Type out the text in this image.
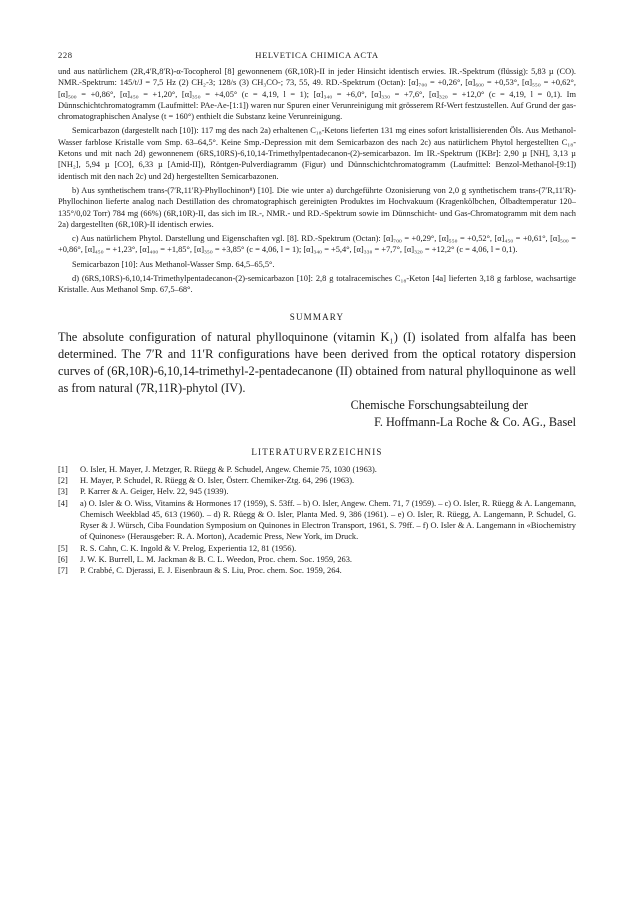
228	HELVETICA CHIMICA ACTA

und aus natürlichem (2R,4′R,8′R)-α-Tocopherol [8] gewonnenem (6R,10R)-II in jeder Hinsicht identisch erwies. IR.-Spektrum (flüssig): 5,83 µ (CO). NMR.-Spektrum: 145/t/J = 7,5 Hz (2) CH₂-3; 128/s (3) CH₃CO-; 73, 55, 49. RD.-Spektrum (Octan): [α]₇₀₀ = +0,26°, [α]₆₀₀ = +0,53°, [α]₅₅₀ = +0,62°, [α]₅₀₀ = +0,86°, [α]₄₅₀ = +1,20°, [α]₃₅₀ = +4,05° (c = 4,19, l = 1); [α]₃₄₀ = +6,0°, [α]₃₃₀ = +7,6°, [α]₃₂₀ = +12,0° (c = 4,19, l = 0,1). Im Dünnschichtchromatogramm (Laufmittel: PAe-Ae-[1:1]) waren nur Spuren einer Verunreinigung mit grösserem Rf-Wert festzustellen. Auf Grund der gas-chromatographischen Analyse (t = 160°) enthielt die Substanz keine Verunreinigung.

Semicarbazon (dargestellt nach [10]): 117 mg des nach 2a) erhaltenen C₁₈-Ketons lieferten 131 mg eines sofort kristallisierenden Öls. Aus Methanol-Wasser farblose Kristalle vom Smp. 63–64,5°. Keine Smp.-Depression mit dem Semicarbazon des nach 2c) aus natürlichem Phytol hergestellten C₁₈-Ketons und mit nach 2d) gewonnenem (6RS,10RS)-6,10,14-Trimethylpentadecanon-(2)-semicarbazon. Im IR.-Spektrum ([KBr]: 2,90 µ [NH], 3,13 µ [NH₂], 5,94 µ [CO], 6,33 µ [Amid-II]), Röntgen-Pulverdiagramm (Figur) und Dünnschichtchromatogramm (Laufmittel: Benzol-Methanol-[9:1]) identisch mit den nach 2c) und 2d) hergestellten Semicarbazonen.

b) Aus synthetischem trans-(7′R,11′R)-Phyllochinon⁸) [10]. Die wie unter a) durchgeführte Ozonisierung von 2,0 g synthetischem trans-(7′R,11′R)-Phyllochinon lieferte analog nach Destillation des chromatographisch gereinigten Produktes im Hochvakuum (Kragenkölbchen, Ölbadtemperatur 120–135°/0,02 Torr) 784 mg (66%) (6R,10R)-II, das sich im IR.-, NMR.- und RD.-Spektrum sowie im Dünnschicht- und Gas-Chromatogramm mit dem nach 2a) dargestellten (6R,10R)-II identisch erwies.

c) Aus natürlichem Phytol. Darstellung und Eigenschaften vgl. [8]. RD.-Spektrum (Octan): [α]₇₀₀ = +0,29°, [α]₅₅₀ = +0,52°, [α]₄₅₀ = +0,61°, [α]₅₀₀ = +0,86°, [α]₄₅₀ = +1,23°, [α]₄₀₀ = +1,85°, [α]₃₅₀ = +3,85° (c = 4,06, l = 1); [α]₃₄₀ = +5,4°, [α]₃₃₀ = +7,7°, [α]₃₂₀ = +12,2° (c = 4,06, l = 0,1).

Semicarbazon [10]: Aus Methanol-Wasser Smp. 64,5–65,5°.

d) (6RS,10RS)-6,10,14-Trimethylpentadecanon-(2)-semicarbazon [10]: 2,8 g totalracemisches C₁₈-Keton [4a] lieferten 3,18 g farblose, wachsartige Kristalle. Aus Methanol Smp. 67,5–68°.

SUMMARY

The absolute configuration of natural phylloquinone (vitamin K₁) (I) isolated from alfalfa has been determined. The 7′R and 11′R configurations have been derived from the optical rotatory dispersion curves of (6R,10R)-6,10,14-trimethyl-2-pentadecanone (II) obtained from natural phylloquinone as well as from natural (7R,11R)-phytol (IV).

Chemische Forschungsabteilung der
F. Hoffmann-La Roche & Co. AG., Basel
LITERATURVERZEICHNIS
[1] O. Isler, H. Mayer, J. Metzger, R. Rüegg & P. Schudel, Angew. Chemie 75, 1030 (1963).
[2] H. Mayer, P. Schudel, R. Rüegg & O. Isler, Österr. Chemiker-Ztg. 64, 296 (1963).
[3] P. Karrer & A. Geiger, Helv. 22, 945 (1939).
[4] a) O. Isler & O. Wiss, Vitamins & Hormones 17 (1959), S. 53ff. – b) O. Isler, Angew. Chem. 71, 7 (1959). – c) O. Isler, R. Rüegg & A. Langemann, Chemisch Weekblad 45, 613 (1960). – d) R. Rüegg & O. Isler, Planta Med. 9, 386 (1961). – e) O. Isler, R. Rüegg, A. Langemann, P. Schudel, G. Ryser & J. Würsch, Ciba Foundation Symposium on Quinones in Electron Transport, 1961, S. 79ff. – f) O. Isler & A. Langemann in «Biochemistry of Quinones» (Herausgeber: R. A. Morton), Academic Press, New York, im Druck.
[5] R. S. Cahn, C. K. Ingold & V. Prelog, Experientia 12, 81 (1956).
[6] J. W. K. Burrell, L. M. Jackman & B. C. L. Weedon, Proc. chem. Soc. 1959, 263.
[7] P. Crabbé, C. Djerassi, E. J. Eisenbraun & S. Liu, Proc. chem. Soc. 1959, 264.
